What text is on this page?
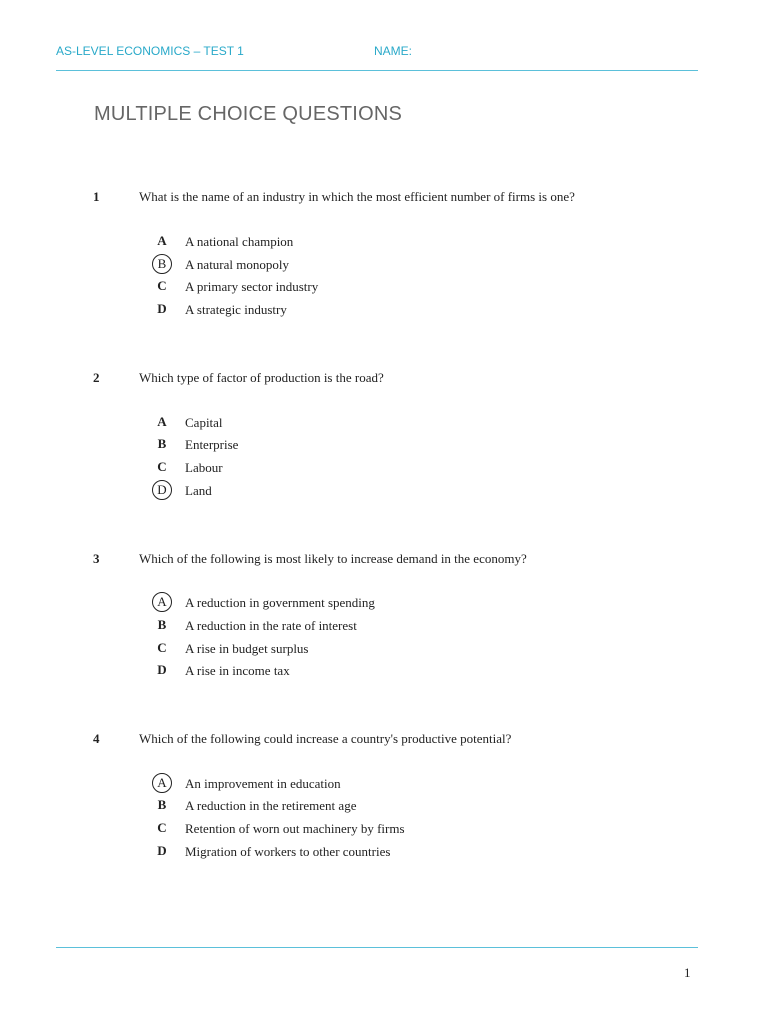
AS-LEVEL ECONOMICS – TEST 1	NAME:
MULTIPLE CHOICE QUESTIONS
1	What is the name of an industry in which the most efficient number of firms is one?
A	A national champion
B	A natural monopoly
C	A primary sector industry
D	A strategic industry
2	Which type of factor of production is the road?
A	Capital
B	Enterprise
C	Labour
D	Land
3	Which of the following is most likely to increase demand in the economy?
A	A reduction in government spending
B	A reduction in the rate of interest
C	A rise in budget surplus
D	A rise in income tax
4	Which of the following could increase a country's productive potential?
A	An improvement in education
B	A reduction in the retirement age
C	Retention of worn out machinery by firms
D	Migration of workers to other countries
1
